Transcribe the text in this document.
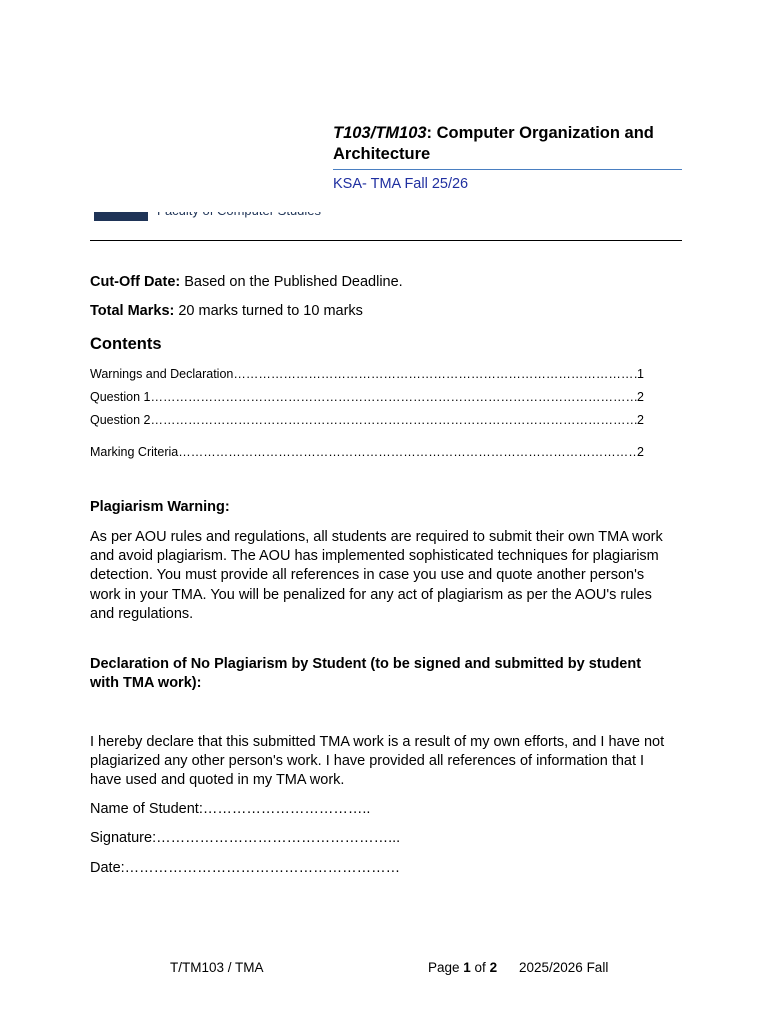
T103/TM103: Computer Organization and Architecture
KSA- TMA Fall 25/26
Cut-Off Date: Based on the Published Deadline.
Total Marks: 20 marks turned to 10 marks
Contents
Warnings and Declaration ………………………………………………………………………………………………………………………………………………	1
Question 1 ………………………………………………………………………………………………………………………………………………	2
Question 2 ………………………………………………………………………………………………………………………………………………	2
Marking Criteria ………………………………………………………………………………………………………………………………………………	2
Plagiarism Warning:
As per AOU rules and regulations, all students are required to submit their own TMA work and avoid plagiarism. The AOU has implemented sophisticated techniques for plagiarism detection. You must provide all references in case you use and quote another person's work in your TMA. You will be penalized for any act of plagiarism as per the AOU's rules and regulations.
Declaration of No Plagiarism by Student (to be signed and submitted by student with TMA work):
I hereby declare that this submitted TMA work is a result of my own efforts, and I have not plagiarized any other person's work. I have provided all references of information that I have used and quoted in my TMA work.
Name of Student:……………………………..
Signature:…………………………………………...
Date:…………………………………………………
T/TM103 / TMA	Page 1 of 2 2025/2026 Fall
